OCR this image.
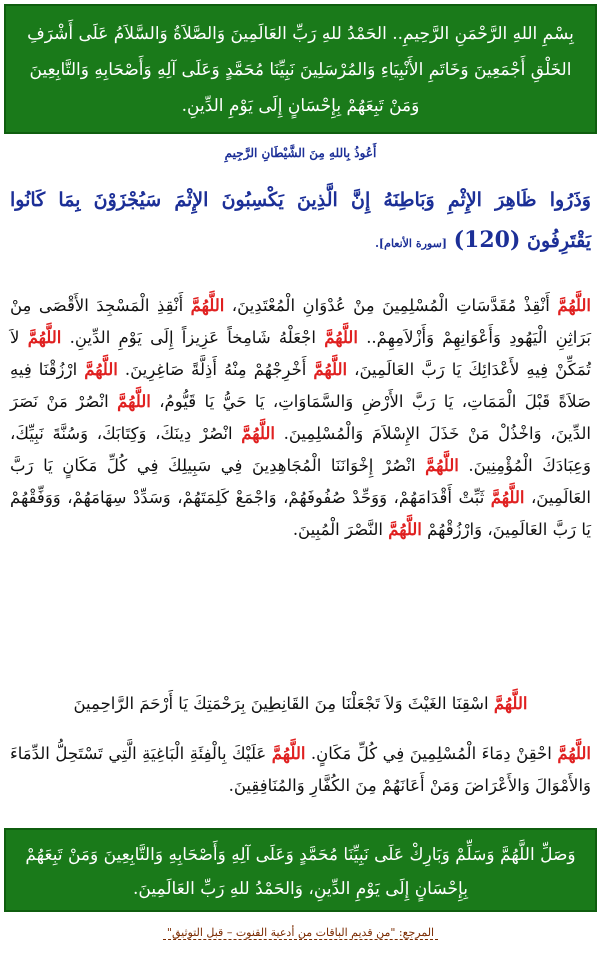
بِسْمِ اللهِ الرَّحْمَنِ الرَّحِيمِ.. الحَمْدُ للهِ رَبِّ العَالَمِينَ وَالصَّلاَةُ وَالسَّلاَمُ عَلَى أَشْرَفِ الخَلْقِ أَجْمَعِينَ وَخَاتَمِ الأَنْبِيَاءِ وَالمُرْسَلِينَ نَبِيِّنَا مُحَمَّدٍ وَعَلَى آلِهِ وَأَصْحَابِهِ وَالتَّابِعِينَ وَمَنْ تَبِعَهُمْ بِإِحْسَانٍ إِلَى يَوْمِ الدِّينِ.
أَعُوذُ بِاللهِ مِنَ الشَّيْطَانِ الرَّجِيمِ
وَذَرُوا ظَاهِرَ الإِثْمِ وَبَاطِنَهُ إِنَّ الَّذِينَ يَكْسِبُونَ الإِثْمَ سَيُجْزَوْنَ بِمَا كَانُوا يَقْتَرِفُونَ (120) [سورة الأنعام].
اللَّهُمَّ أَنْقِذْ مُقَدَّسَاتِ الْمُسْلِمِينَ مِنْ عُدْوَانِ الْمُعْتَدِينَ، اللَّهُمَّ أَنْقِذِ الْمَسْجِدَ الأَقْصَى مِنْ بَرَاثِنِ الْيَهُودِ وَأَعْوَانِهِمْ وَأَزْلاَمِهِمْ.. اللَّهُمَّ اجْعَلْهُ شَامِخاً عَزِيزاً إِلَى يَوْمِ الدِّينِ. اللَّهُمَّ لاَ تُمَكِّنْ فِيهِ لأَعْدَائِكَ يَا رَبَّ العَالَمِينَ، اللَّهُمَّ أَخْرِجْهُمْ مِنْهُ أَذِلَّةً صَاغِرِينَ. اللَّهُمَّ ارْزُقْنَا فِيهِ صَلاَةً قَبْلَ الْمَمَاتِ، يَا رَبَّ الأَرْضِ وَالسَّمَاوَاتِ، يَا حَيُّ يَا قَيُّومُ، اللَّهُمَّ انْصُرْ مَنْ نَصَرَ الدِّينَ، وَاخْذُلْ مَنْ خَذَلَ الإِسْلاَمَ وَالْمُسْلِمِينَ. اللَّهُمَّ انْصُرْ دِينَكَ، وَكِتَابَكَ، وَسُنَّةَ نَبِيِّكَ، وَعِبَادَكَ الْمُؤْمِنِينَ. اللَّهُمَّ انْصُرْ إِخْوَانَنَا الْمُجَاهِدِينَ فِي سَبِيلِكَ فِي كُلِّ مَكَانٍ يَا رَبَّ العَالَمِينَ، اللَّهُمَّ ثَبِّتْ أَقْدَامَهُمْ، وَوَحِّدْ صُفُوفَهُمْ، وَاجْمَعْ كَلِمَتَهُمْ، وَسَدِّدْ سِهَامَهُمْ، وَوَفِّقْهُمْ يَا رَبَّ العَالَمِينَ، وَارْزُقْهُمْ اللَّهُمَّ النَّصْرَ الْمُبِينَ.
اللَّهُمَّ اسْقِنَا الغَيْثَ وَلاَ تَجْعَلْنَا مِنَ القَانِطِينَ بِرَحْمَتِكَ يَا أَرْحَمَ الرَّاحِمِينَ
اللَّهُمَّ احْقِنْ دِمَاءَ الْمُسْلِمِينَ فِي كُلِّ مَكَانٍ. اللَّهُمَّ عَلَيْكَ بِالْفِئَةِ الْبَاغِيَةِ الَّتِي تَسْتَحِلُّ الدِّمَاءَ وَالأَمْوَالَ وَالأَعْرَاضَ وَمَنْ أَعَانَهُمْ مِنَ الكُفَّارِ وَالمُنَافِقِينَ.
وَصَلِّ اللَّهُمَّ وَسَلِّمْ وَبَارِكْ عَلَى نَبِيِّنَا مُحَمَّدٍ وَعَلَى آلِهِ وَأَصْحَابِهِ وَالتَّابِعِينَ وَمَنْ تَبِعَهُمْ بِإِحْسَانٍ إِلَى يَوْمِ الدِّينِ، وَالحَمْدُ للهِ رَبِّ العَالَمِينَ.
المرجع: "من قديم الباقات من أدعية القنوت – قبل التوثيق"
